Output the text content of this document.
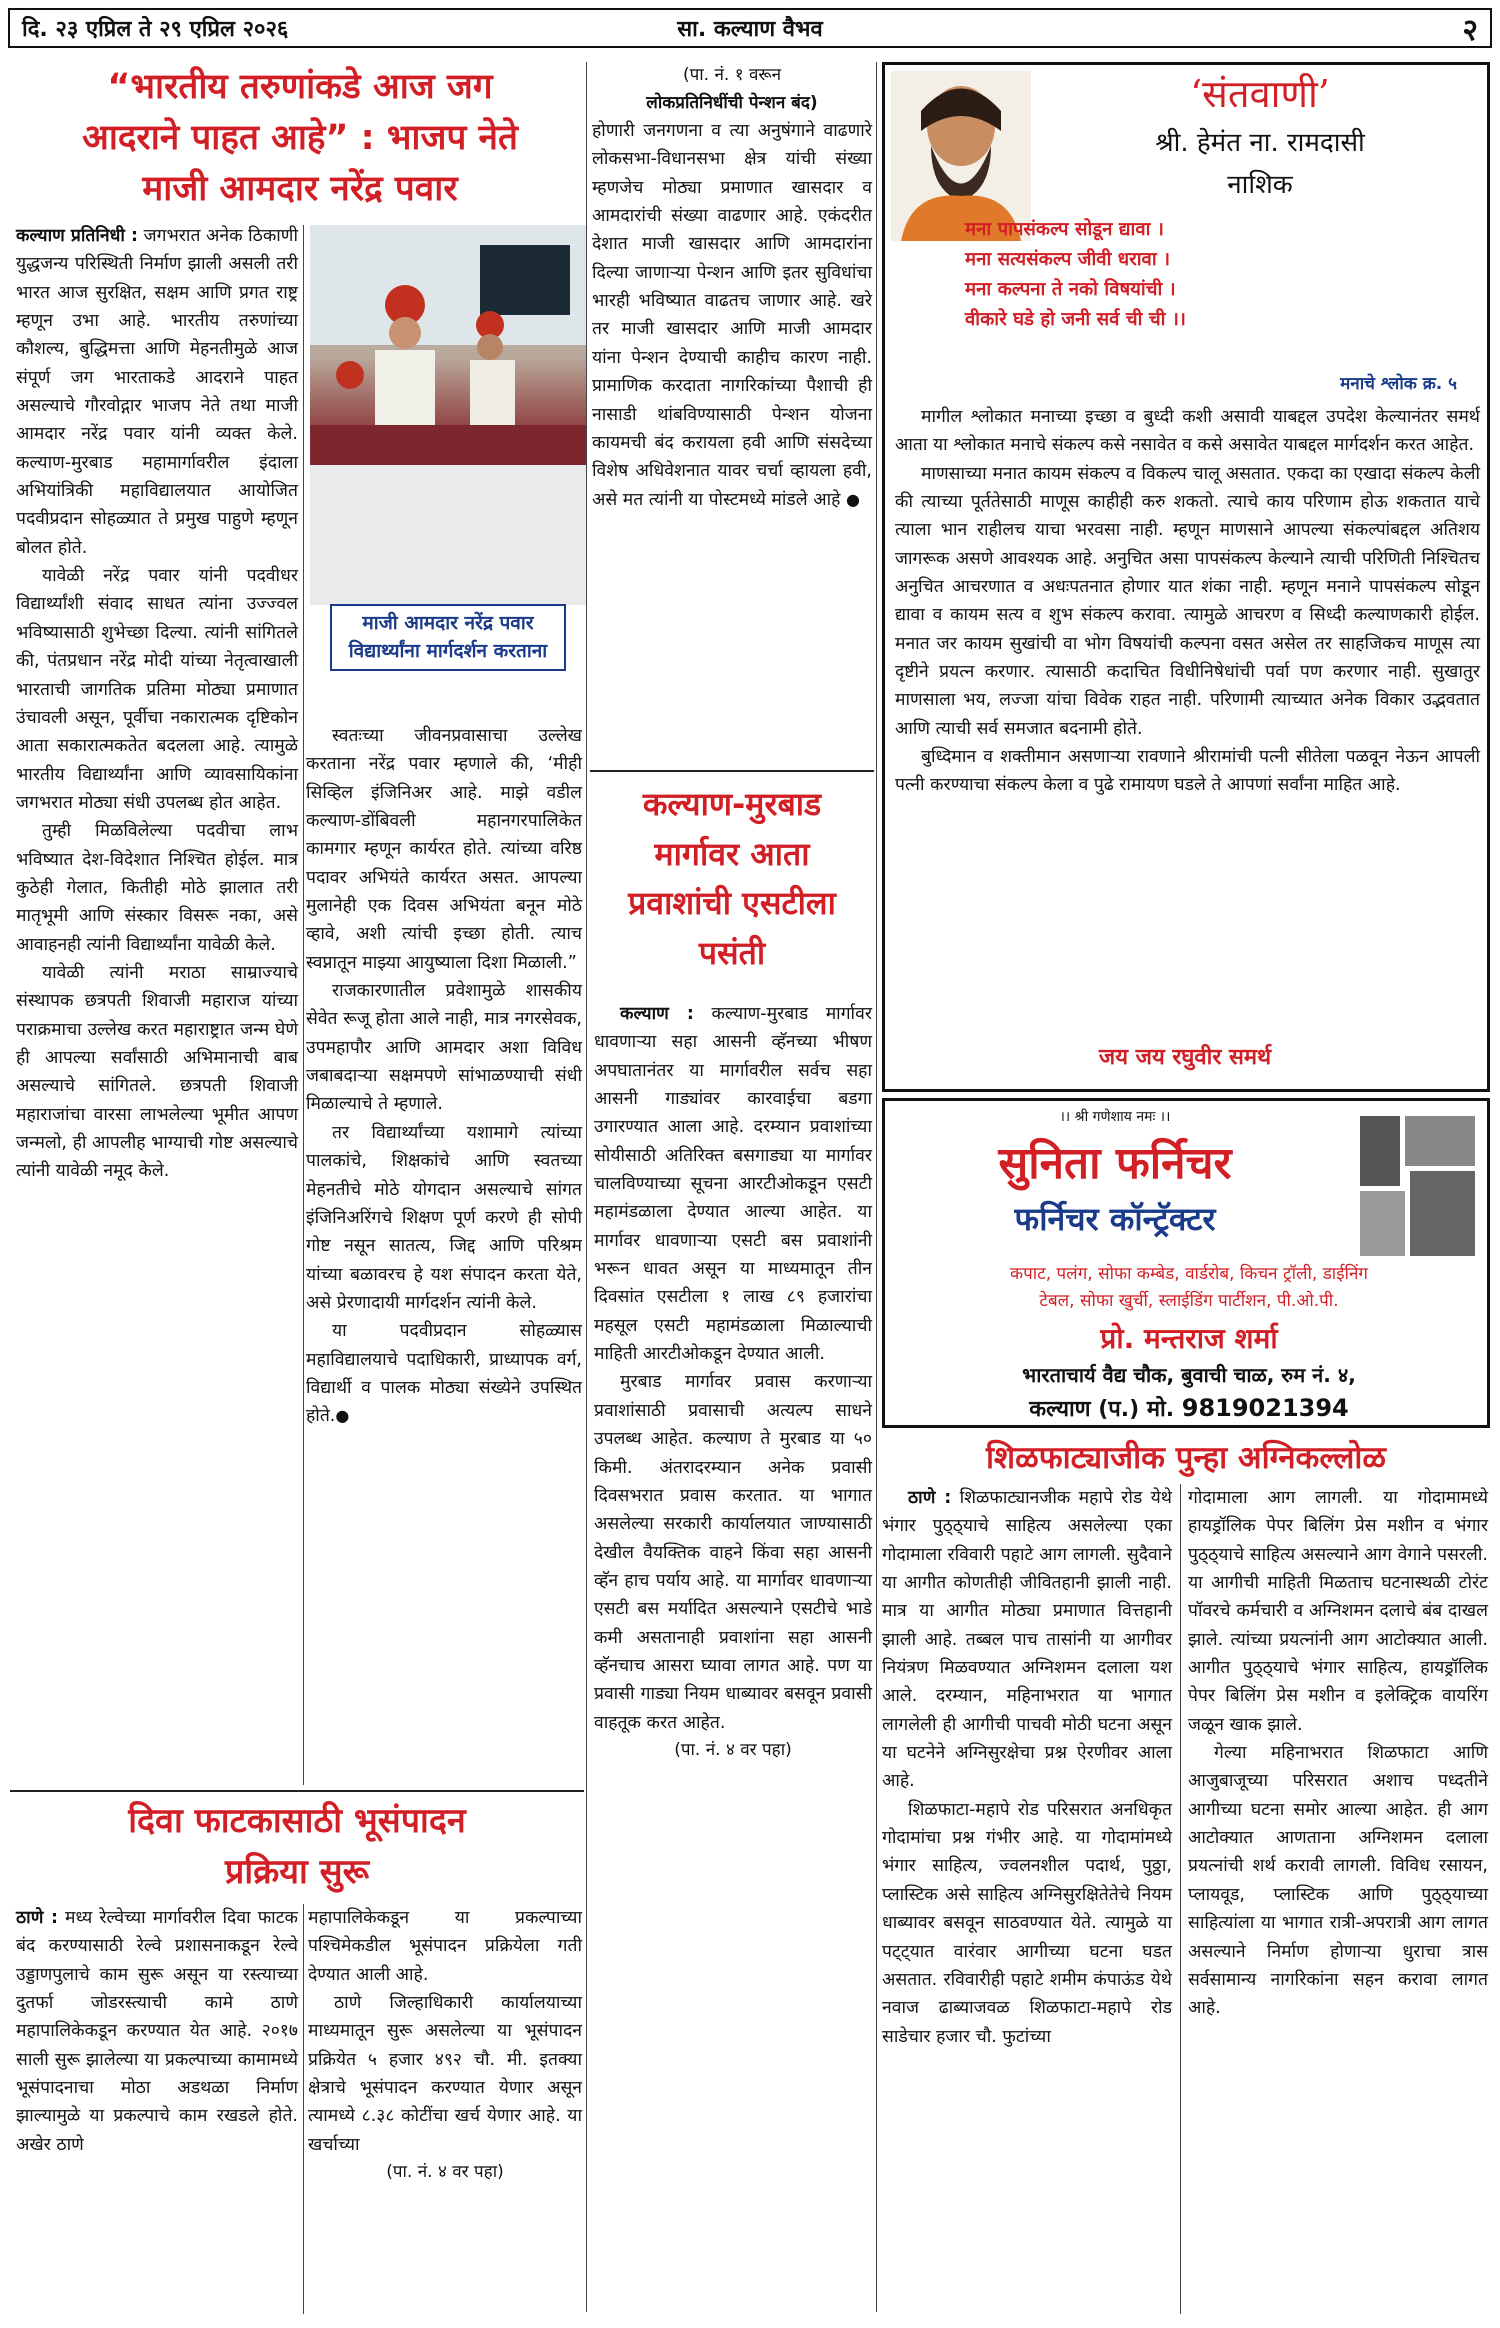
दि. २३ एप्रिल ते २९ एप्रिल २०२६	सा. कल्याण वैभव	२
“भारतीय तरुणांकडे आज जग
आदराने पाहत आहे” : भाजप नेते
माजी आमदार नरेंद्र पवार

कल्याण प्रतिनिधी : जगभरात अनेक ठिकाणी युद्धजन्य परिस्थिती निर्माण झाली असली तरी भारत आज सुरक्षित, सक्षम आणि प्रगत राष्ट्र म्हणून उभा आहे. भारतीय तरुणांच्या कौशल्य, बुद्धिमत्ता आणि मेहनतीमुळे आज संपूर्ण जग भारताकडे आदराने पाहत असल्याचे गौरवोद्गार भाजप नेते तथा माजी आमदार नरेंद्र पवार यांनी व्यक्त केले. कल्याण-मुरबाड महामार्गावरील इंदाला अभियांत्रिकी महाविद्यालयात आयोजित पदवीप्रदान सोहळ्यात ते प्रमुख पाहुणे म्हणून बोलत होते.

यावेळी नरेंद्र पवार यांनी पदवीधर विद्यार्थ्यांशी संवाद साधत त्यांना उज्ज्वल भविष्यासाठी शुभेच्छा दिल्या. त्यांनी सांगितले की, पंतप्रधान नरेंद्र मोदी यांच्या नेतृत्वाखाली भारताची जागतिक प्रतिमा मोठ्या प्रमाणात उंचावली असून, पूर्वीचा नकारात्मक दृष्टिकोन आता सकारात्मकतेत बदलला आहे. त्यामुळे भारतीय विद्यार्थ्यांना आणि व्यावसायिकांना जगभरात मोठ्या संधी उपलब्ध होत आहेत.

तुम्ही मिळविलेल्या पदवीचा लाभ भविष्यात देश-विदेशात निश्चित होईल. मात्र कुठेही गेलात, कितीही मोठे झालात तरी मातृभूमी आणि संस्कार विसरू नका, असे आवाहनही त्यांनी विद्यार्थ्यांना यावेळी केले.

यावेळी त्यांनी मराठा साम्राज्याचे संस्थापक छत्रपती शिवाजी महाराज यांच्या पराक्रमाचा उल्लेख करत महाराष्ट्रात जन्म घेणे ही आपल्या सर्वांसाठी अभिमानाची बाब असल्याचे सांगितले. छत्रपती शिवाजी महाराजांचा वारसा लाभलेल्या भूमीत आपण जन्मलो, ही आपलीह भाग्याची गोष्ट असल्याचे त्यांनी यावेळी नमूद केले.

माजी आमदार नरेंद्र पवार विद्यार्थ्यांना मार्गदर्शन करताना

स्वतःच्या जीवनप्रवासाचा उल्लेख करताना नरेंद्र पवार म्हणाले की, ‘मीही सिव्हिल इंजिनिअर आहे. माझे वडील कल्याण-डोंबिवली महानगरपालिकेत कामगार म्हणून कार्यरत होते. त्यांच्या वरिष्ठ पदावर अभियंते कार्यरत असत. आपल्या मुलानेही एक दिवस अभियंता बनून मोठे व्हावे, अशी त्यांची इच्छा होती. त्याच स्वप्नातून माझ्या आयुष्याला दिशा मिळाली.”

राजकारणातील प्रवेशामुळे शासकीय सेवेत रूजू होता आले नाही, मात्र नगरसेवक, उपमहापौर आणि आमदार अशा विविध जबाबदाऱ्या सक्षमपणे सांभाळण्याची संधी मिळाल्याचे ते म्हणाले.

तर विद्यार्थ्यांच्या यशामागे त्यांच्या पालकांचे, शिक्षकांचे आणि स्वतच्या मेहनतीचे मोठे योगदान असल्याचे सांगत इंजिनिअरिंगचे शिक्षण पूर्ण करणे ही सोपी गोष्ट नसून सातत्य, जिद्द आणि परिश्रम यांच्या बळावरच हे यश संपादन करता येते, असे प्रेरणादायी मार्गदर्शन त्यांनी केले.

या पदवीप्रदान सोहळ्यास महाविद्यालयाचे पदाधिकारी, प्राध्यापक वर्ग, विद्यार्थी व पालक मोठ्या संख्येने उपस्थित होते.●

(पा. नं. १ वरून
लोकप्रतिनिधींची पेन्शन बंद)

होणारी जनगणना व त्या अनुषंगाने वाढणारे लोकसभा-विधानसभा क्षेत्र यांची संख्या म्हणजेच मोठ्या प्रमाणात खासदार व आमदारांची संख्या वाढणार आहे. एकंदरीत देशात माजी खासदार आणि आमदारांना दिल्या जाणाऱ्या पेन्शन आणि इतर सुविधांचा भारही भविष्यात वाढतच जाणार आहे. खरे तर माजी खासदार आणि माजी आमदार यांना पेन्शन देण्याची काहीच कारण नाही. प्रामाणिक करदाता नागरिकांच्या पैशाची ही नासाडी थांबविण्यासाठी पेन्शन योजना कायमची बंद करायला हवी आणि संसदेच्या विशेष अधिवेशनात यावर चर्चा व्हायला हवी, असे मत त्यांनी या पोस्टमध्ये मांडले आहे ●

कल्याण-मुरबाड
मार्गावर आता
प्रवाशांची एसटीला
पसंती

कल्याण : कल्याण-मुरबाड मार्गावर धावणाऱ्या सहा आसनी व्हॅनच्या भीषण अपघातानंतर या मार्गावरील सर्वच सहा आसनी गाड्यांवर कारवाईचा बडगा उगारण्यात आला आहे. दरम्यान प्रवाशांच्या सोयीसाठी अतिरिक्त बसगाड्या या मार्गावर चालविण्याच्या सूचना आरटीओकडून एसटी महामंडळाला देण्यात आल्या आहेत. या मार्गावर धावणाऱ्या एसटी बस प्रवाशांनी भरून धावत असून या माध्यमातून तीन दिवसांत एसटीला १ लाख ८९ हजारांचा महसूल एसटी महामंडळाला मिळाल्याची माहिती आरटीओकडून देण्यात आली.

मुरबाड मार्गावर प्रवास करणाऱ्या प्रवाशांसाठी प्रवासाची अत्यल्प साधने उपलब्ध आहेत. कल्याण ते मुरबाड या ५० किमी. अंतरादरम्यान अनेक प्रवासी दिवसभरात प्रवास करतात. या भागात असलेल्या सरकारी कार्यालयात जाण्यासाठी देखील वैयक्तिक वाहने किंवा सहा आसनी व्हॅन हाच पर्याय आहे. या मार्गावर धावणाऱ्या एसटी बस मर्यादित असल्याने एसटीचे भाडे कमी असतानाही प्रवाशांना सहा आसनी व्हॅनचाच आसरा घ्यावा लागत आहे. पण या प्रवासी गाड्या नियम धाब्यावर बसवून प्रवासी वाहतूक करत आहेत.

(पा. नं. ४ वर पहा)
‘संतवाणी’
श्री. हेमंत ना. रामदासी
नाशिक
मना पापसंकल्प सोडून द्यावा ।
मना सत्यसंकल्प जीवी धरावा ।
मना कल्पना ते नको विषयांची ।
वीकारे घडे हो जनी सर्व ची ची ।।
मनाचे श्लोक क्र. ५

मागील श्लोकात मनाच्या इच्छा व बुध्दी कशी असावी याबद्दल उपदेश केल्यानंतर समर्थ आता या श्लोकात मनाचे संकल्प कसे नसावेत व कसे असावेत याबद्दल मार्गदर्शन करत आहेत.

माणसाच्या मनात कायम संकल्प व विकल्प चालू असतात. एकदा का एखादा संकल्प केली की त्याच्या पूर्ततेसाठी माणूस काहीही करु शकतो. त्याचे काय परिणाम होऊ शकतात याचे त्याला भान राहीलच याचा भरवसा नाही. म्हणून माणसाने आपल्या संकल्पांबद्दल अतिशय जागरूक असणे आवश्यक आहे. अनुचित असा पापसंकल्प केल्याने त्याची परिणिती निश्चितच अनुचित आचरणात व अधःपतनात होणार यात शंका नाही. म्हणून मनाने पापसंकल्प सोडून द्यावा व कायम सत्य व शुभ संकल्प करावा. त्यामुळे आचरण व सिध्दी कल्याणकारी होईल. मनात जर कायम सुखांची वा भोग विषयांची कल्पना वसत असेल तर साहजिकच माणूस त्या दृष्टीने प्रयत्न करणार. त्यासाठी कदाचित विधीनिषेधांची पर्वा पण करणार नाही. सुखातुर माणसाला भय, लज्जा यांचा विवेक राहत नाही. परिणामी त्याच्यात अनेक विकार उद्भवतात आणि त्याची सर्व समजात बदनामी होते.

बुध्दिमान व शक्तीमान असणाऱ्या रावणाने श्रीरामांची पत्नी सीतेला पळवून नेऊन आपली पत्नी करण्याचा संकल्प केला व पुढे रामायण घडले ते आपणां सर्वांना माहित आहे.

जय जय रघुवीर समर्थ
।। श्री गणेशाय नमः ।।
सुनिता फर्निचर
फर्निचर कॉन्ट्रॅक्टर
कपाट, पलंग, सोफा कम्बेड, वार्डरोब, किचन ट्रॉली, डाईनिंग
टेबल, सोफा खुर्ची, स्लाईडिंग पार्टीशन, पी.ओ.पी.
प्रो. मन्तराज शर्मा
भारताचार्य वैद्य चौक, बुवाची चाळ, रुम नं. ४,
कल्याण (प.) मो. 9819021394
शिळफाट्याजीक पुन्हा अग्निकल्लोळ

ठाणे : शिळफाट्यानजीक महापे रोड येथे भंगार पुठ्ठ्याचे साहित्य असलेल्या एका गोदामाला रविवारी पहाटे आग लागली. सुदैवाने या आगीत कोणतीही जीवितहानी झाली नाही. मात्र या आगीत मोठ्या प्रमाणात वित्तहानी झाली आहे. तब्बल पाच तासांनी या आगीवर नियंत्रण मिळवण्यात अग्निशमन दलाला यश आले. दरम्यान, महिनाभरात या भागात लागलेली ही आगीची पाचवी मोठी घटना असून या घटनेने अग्निसुरक्षेचा प्रश्न ऐरणीवर आला आहे.

शिळफाटा-महापे रोड परिसरात अनधिकृत गोदामांचा प्रश्न गंभीर आहे. या गोदामांमध्ये भंगार साहित्य, ज्वलनशील पदार्थ, पुठ्ठा, प्लास्टिक असे साहित्य अग्निसुरक्षितेतेचे नियम धाब्यावर बसवून साठवण्यात येते. त्यामुळे या पट्ट्यात वारंवार आगीच्या घटना घडत असतात. रविवारीही पहाटे शमीम कंपाऊंड येथे नवाज ढाब्याजवळ शिळफाटा-महापे रोड साडेचार हजार चौ. फुटांच्या

गोदामाला आग लागली. या गोदामामध्ये हायड्रॉलिक पेपर बिलिंग प्रेस मशीन व भंगार पुठ्ठ्याचे साहित्य असल्याने आग वेगाने पसरली. या आगीची माहिती मिळताच घटनास्थळी टोरंट पॉवरचे कर्मचारी व अग्निशमन दलाचे बंब दाखल झाले. त्यांच्या प्रयत्नांनी आग आटोक्यात आली. आगीत पुठ्ठ्याचे भंगार साहित्य, हायड्रॉलिक पेपर बिलिंग प्रेस मशीन व इलेक्ट्रिक वायरिंग जळून खाक झाले.

गेल्या महिनाभरात शिळफाटा आणि आजुबाजूच्या परिसरात अशाच पध्दतीने आगीच्या घटना समोर आल्या आहेत. ही आग आटोक्यात आणताना अग्निशमन दलाला प्रयत्नांची शर्थ करावी लागली. विविध रसायन, प्लायवूड, प्लास्टिक आणि पुठ्ठ्याच्या साहित्यांला या भागात रात्री-अपरात्री आग लागत असल्याने निर्माण होणाऱ्या धुराचा त्रास सर्वसामान्य नागरिकांना सहन करावा लागत आहे.

दिवा फाटकासाठी भूसंपादन
प्रक्रिया सुरू

ठाणे : मध्य रेल्वेच्या मार्गावरील दिवा फाटक बंद करण्यासाठी रेल्वे प्रशासनाकडून रेल्वे उड्डाणपुलाचे काम सुरू असून या रस्त्याच्या दुतर्फा जोडरस्त्याची कामे ठाणे महापालिकेकडून करण्यात येत आहे. २०१७ साली सुरू झालेल्या या प्रकल्पाच्या कामामध्ये भूसंपादनाचा मोठा अडथळा निर्माण झाल्यामुळे या प्रकल्पाचे काम रखडले होते. अखेर ठाणे

महापालिकेकडून या प्रकल्पाच्या पश्चिमेकडील भूसंपादन प्रक्रियेला गती देण्यात आली आहे.

ठाणे जिल्हाधिकारी कार्यालयाच्या माध्यमातून सुरू असलेल्या या भूसंपादन प्रक्रियेत ५ हजार ४९२ चौ. मी. इतक्या क्षेत्राचे भूसंपादन करण्यात येणार असून त्यामध्ये ८.३८ कोटींचा खर्च येणार आहे. या खर्चाच्या

(पा. नं. ४ वर पहा)
